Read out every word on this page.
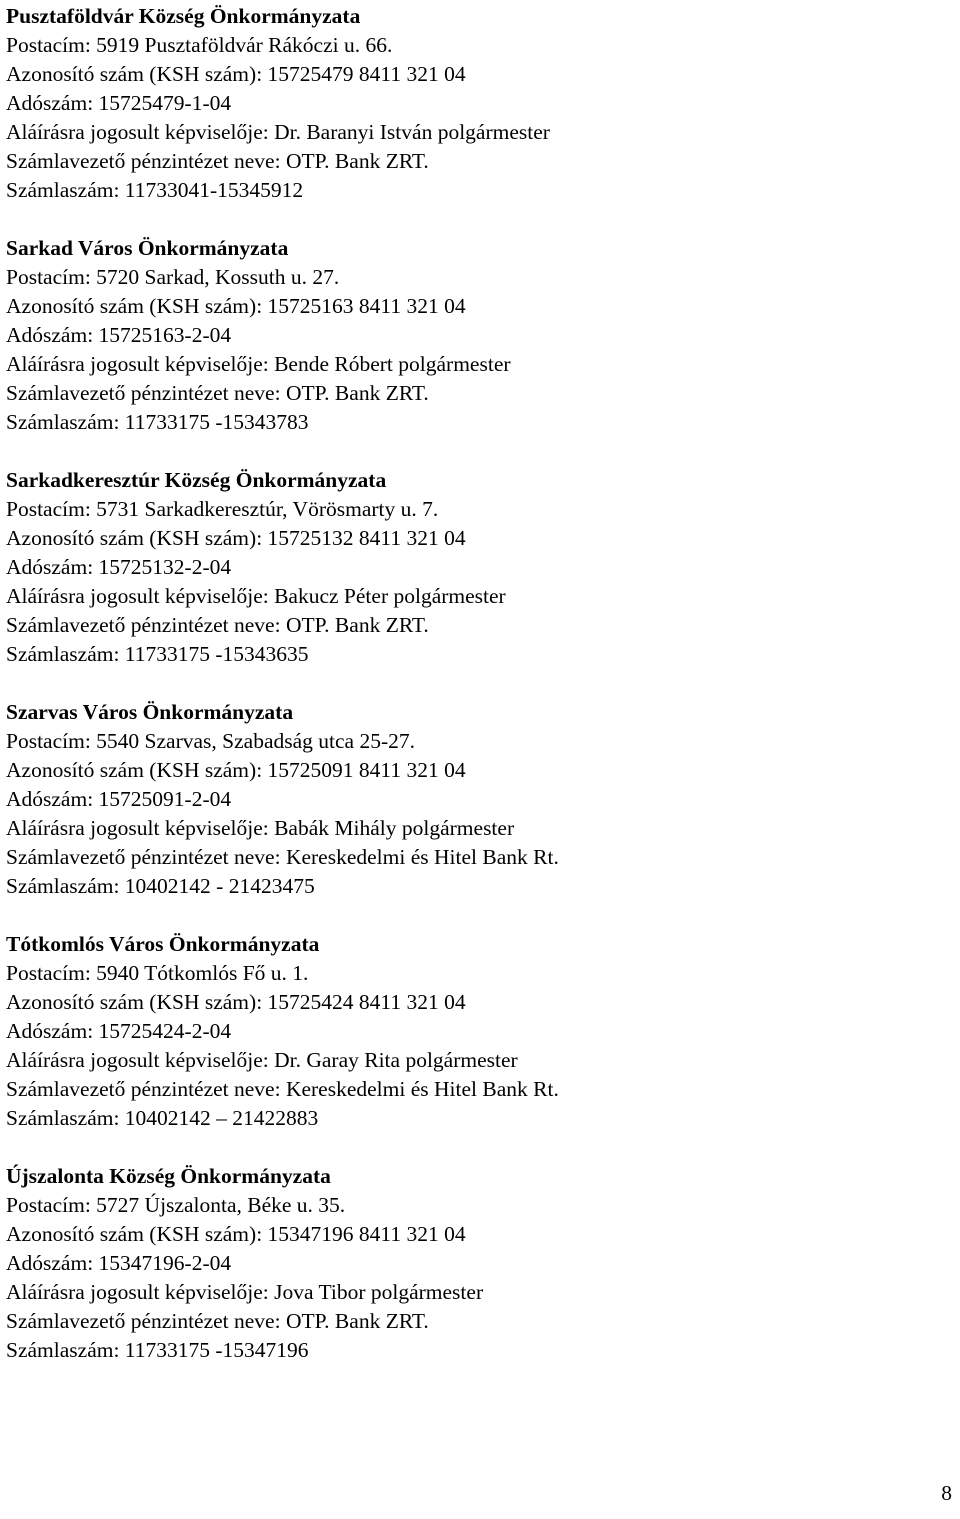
Pusztaföldvár Község Önkormányzata
Postacím: 5919 Pusztaföldvár Rákóczi u. 66.
Azonosító szám (KSH szám): 15725479 8411 321 04
Adószám: 15725479-1-04
Aláírásra jogosult képviselője: Dr. Baranyi István polgármester
Számlavezető pénzintézet neve: OTP. Bank ZRT.
Számlaszám: 11733041-15345912
Sarkad Város Önkormányzata
Postacím: 5720 Sarkad, Kossuth u. 27.
Azonosító szám (KSH szám): 15725163 8411 321 04
Adószám: 15725163-2-04
Aláírásra jogosult képviselője: Bende Róbert polgármester
Számlavezető pénzintézet neve: OTP. Bank ZRT.
Számlaszám: 11733175 -15343783
Sarkadkeresztúr Község Önkormányzata
Postacím: 5731 Sarkadkeresztúr, Vörösmarty u. 7.
Azonosító szám (KSH szám): 15725132 8411 321 04
Adószám: 15725132-2-04
Aláírásra jogosult képviselője: Bakucz Péter polgármester
Számlavezető pénzintézet neve: OTP. Bank ZRT.
Számlaszám: 11733175 -15343635
Szarvas Város Önkormányzata
Postacím: 5540 Szarvas, Szabadság utca 25-27.
Azonosító szám (KSH szám): 15725091 8411 321 04
Adószám: 15725091-2-04
Aláírásra jogosult képviselője: Babák Mihály polgármester
Számlavezető pénzintézet neve: Kereskedelmi és Hitel Bank Rt.
Számlaszám: 10402142 - 21423475
Tótkomlós Város Önkormányzata
Postacím: 5940 Tótkomlós Fő u. 1.
Azonosító szám (KSH szám): 15725424 8411 321 04
Adószám: 15725424-2-04
Aláírásra jogosult képviselője: Dr. Garay Rita polgármester
Számlavezető pénzintézet neve: Kereskedelmi és Hitel Bank Rt.
Számlaszám: 10402142 – 21422883
Újszalonta Község Önkormányzata
Postacím: 5727 Újszalonta, Béke u. 35.
Azonosító szám (KSH szám): 15347196 8411 321 04
Adószám: 15347196-2-04
Aláírásra jogosult képviselője: Jova Tibor polgármester
Számlavezető pénzintézet neve: OTP. Bank ZRT.
Számlaszám: 11733175 -15347196
8
